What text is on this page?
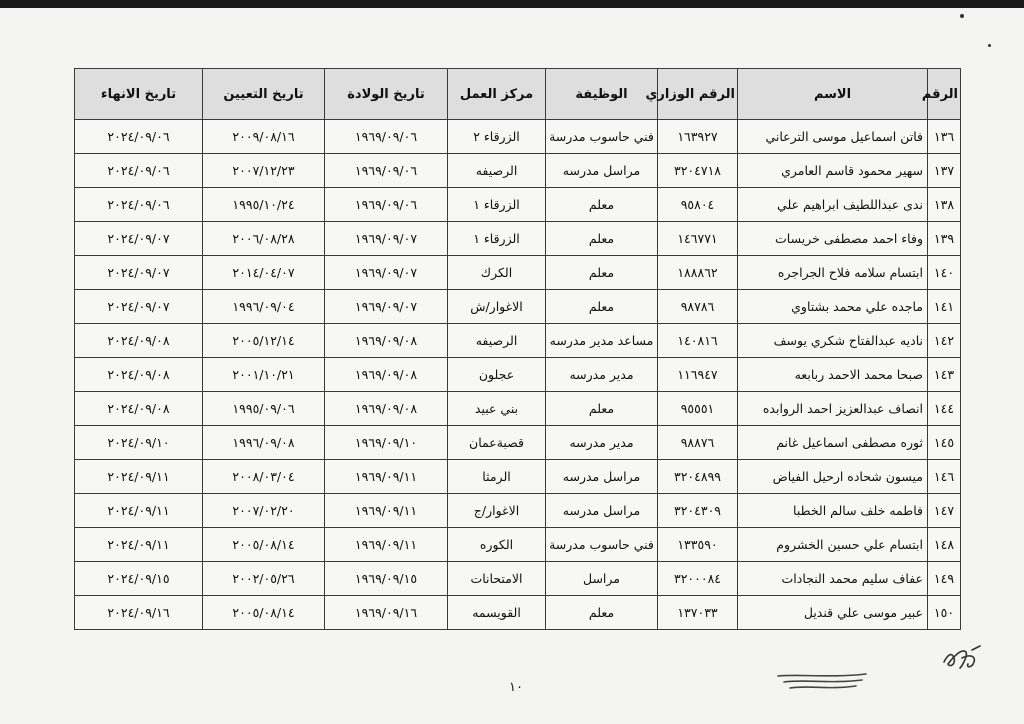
الرقم	الاسم	الرقم الوزاري	الوظيفة	مركز العمل	تاريخ الولادة	تاريخ التعيين	تاريخ الانهاء
١٣٦	فاتن اسماعيل موسى الترعاني	١٦٣٩٢٧	فني حاسوب مدرسة	الزرقاء ٢	١٩٦٩/٠٩/٠٦	٢٠٠٩/٠٨/١٦	٢٠٢٤/٠٩/٠٦
١٣٧	سهير محمود قاسم العامري	٣٢٠٤٧١٨	مراسل مدرسه	الرصيفه	١٩٦٩/٠٩/٠٦	٢٠٠٧/١٢/٢٣	٢٠٢٤/٠٩/٠٦
١٣٨	ندى عبداللطيف ابراهيم علي	٩٥٨٠٤	معلم	الزرقاء ١	١٩٦٩/٠٩/٠٦	١٩٩٥/١٠/٢٤	٢٠٢٤/٠٩/٠٦
١٣٩	وفاء احمد مصطفى خريسات	١٤٦٧٧١	معلم	الزرقاء ١	١٩٦٩/٠٩/٠٧	٢٠٠٦/٠٨/٢٨	٢٠٢٤/٠٩/٠٧
١٤٠	ابتسام سلامه فلاح الجراجره	١٨٨٨٦٢	معلم	الكرك	١٩٦٩/٠٩/٠٧	٢٠١٤/٠٤/٠٧	٢٠٢٤/٠٩/٠٧
١٤١	ماجده علي محمد بشتاوي	٩٨٧٨٦	معلم	الاغوار/ش	١٩٦٩/٠٩/٠٧	١٩٩٦/٠٩/٠٤	٢٠٢٤/٠٩/٠٧
١٤٢	ناديه عبدالفتاح شكري يوسف	١٤٠٨١٦	مساعد مدير مدرسه	الرصيفه	١٩٦٩/٠٩/٠٨	٢٠٠٥/١٢/١٤	٢٠٢٤/٠٩/٠٨
١٤٣	صبحا محمد الاحمد ربابعه	١١٦٩٤٧	مدير مدرسه	عجلون	١٩٦٩/٠٩/٠٨	٢٠٠١/١٠/٢١	٢٠٢٤/٠٩/٠٨
١٤٤	انصاف عبدالعزيز احمد الروابده	٩٥٥٥١	معلم	بني عبيد	١٩٦٩/٠٩/٠٨	١٩٩٥/٠٩/٠٦	٢٠٢٤/٠٩/٠٨
١٤٥	ثوره مصطفى اسماعيل غانم	٩٨٨٧٦	مدير مدرسه	قصبةعمان	١٩٦٩/٠٩/١٠	١٩٩٦/٠٩/٠٨	٢٠٢٤/٠٩/١٠
١٤٦	ميسون شحاده ارحيل الفياض	٣٢٠٤٨٩٩	مراسل مدرسه	الرمثا	١٩٦٩/٠٩/١١	٢٠٠٨/٠٣/٠٤	٢٠٢٤/٠٩/١١
١٤٧	فاطمه خلف سالم الخطبا	٣٢٠٤٣٠٩	مراسل مدرسه	الاغوار/ج	١٩٦٩/٠٩/١١	٢٠٠٧/٠٢/٢٠	٢٠٢٤/٠٩/١١
١٤٨	ابتسام علي حسين الخشروم	١٣٣٥٩٠	فني حاسوب مدرسة	الكوره	١٩٦٩/٠٩/١١	٢٠٠٥/٠٨/١٤	٢٠٢٤/٠٩/١١
١٤٩	عفاف سليم محمد النجادات	٣٢٠٠٠٨٤	مراسل	الامتحانات	١٩٦٩/٠٩/١٥	٢٠٠٢/٠٥/٢٦	٢٠٢٤/٠٩/١٥
١٥٠	عبير موسى علي قنديل	١٣٧٠٣٣	معلم	القويسمه	١٩٦٩/٠٩/١٦	٢٠٠٥/٠٨/١٤	٢٠٢٤/٠٩/١٦
١٠
